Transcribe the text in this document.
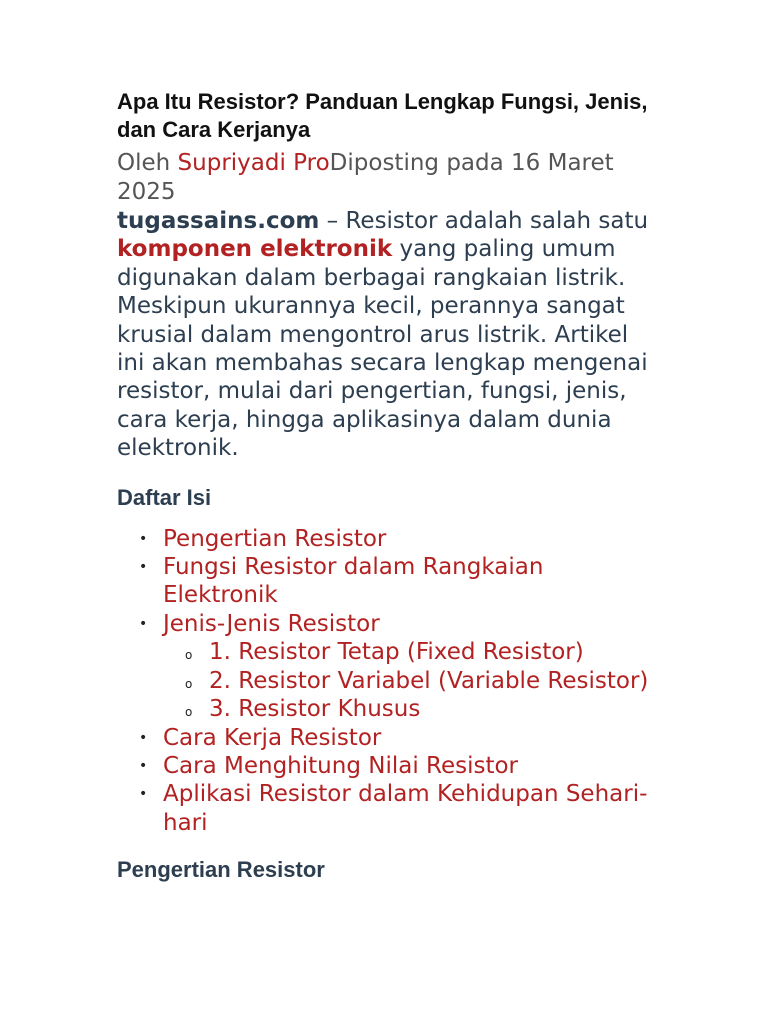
Apa Itu Resistor? Panduan Lengkap Fungsi, Jenis, dan Cara Kerjanya
Oleh Supriyadi ProDiposting pada 16 Maret 2025

tugassains.com – Resistor adalah salah satu komponen elektronik yang paling umum digunakan dalam berbagai rangkaian listrik. Meskipun ukurannya kecil, perannya sangat krusial dalam mengontrol arus listrik. Artikel ini akan membahas secara lengkap mengenai resistor, mulai dari pengertian, fungsi, jenis, cara kerja, hingga aplikasinya dalam dunia elektronik.

Daftar Isi
• Pengertian Resistor
• Fungsi Resistor dalam Rangkaian Elektronik
• Jenis-Jenis Resistor
o 1. Resistor Tetap (Fixed Resistor)
o 2. Resistor Variabel (Variable Resistor)
o 3. Resistor Khusus
• Cara Kerja Resistor
• Cara Menghitung Nilai Resistor
• Aplikasi Resistor dalam Kehidupan Sehari-hari
Pengertian Resistor
